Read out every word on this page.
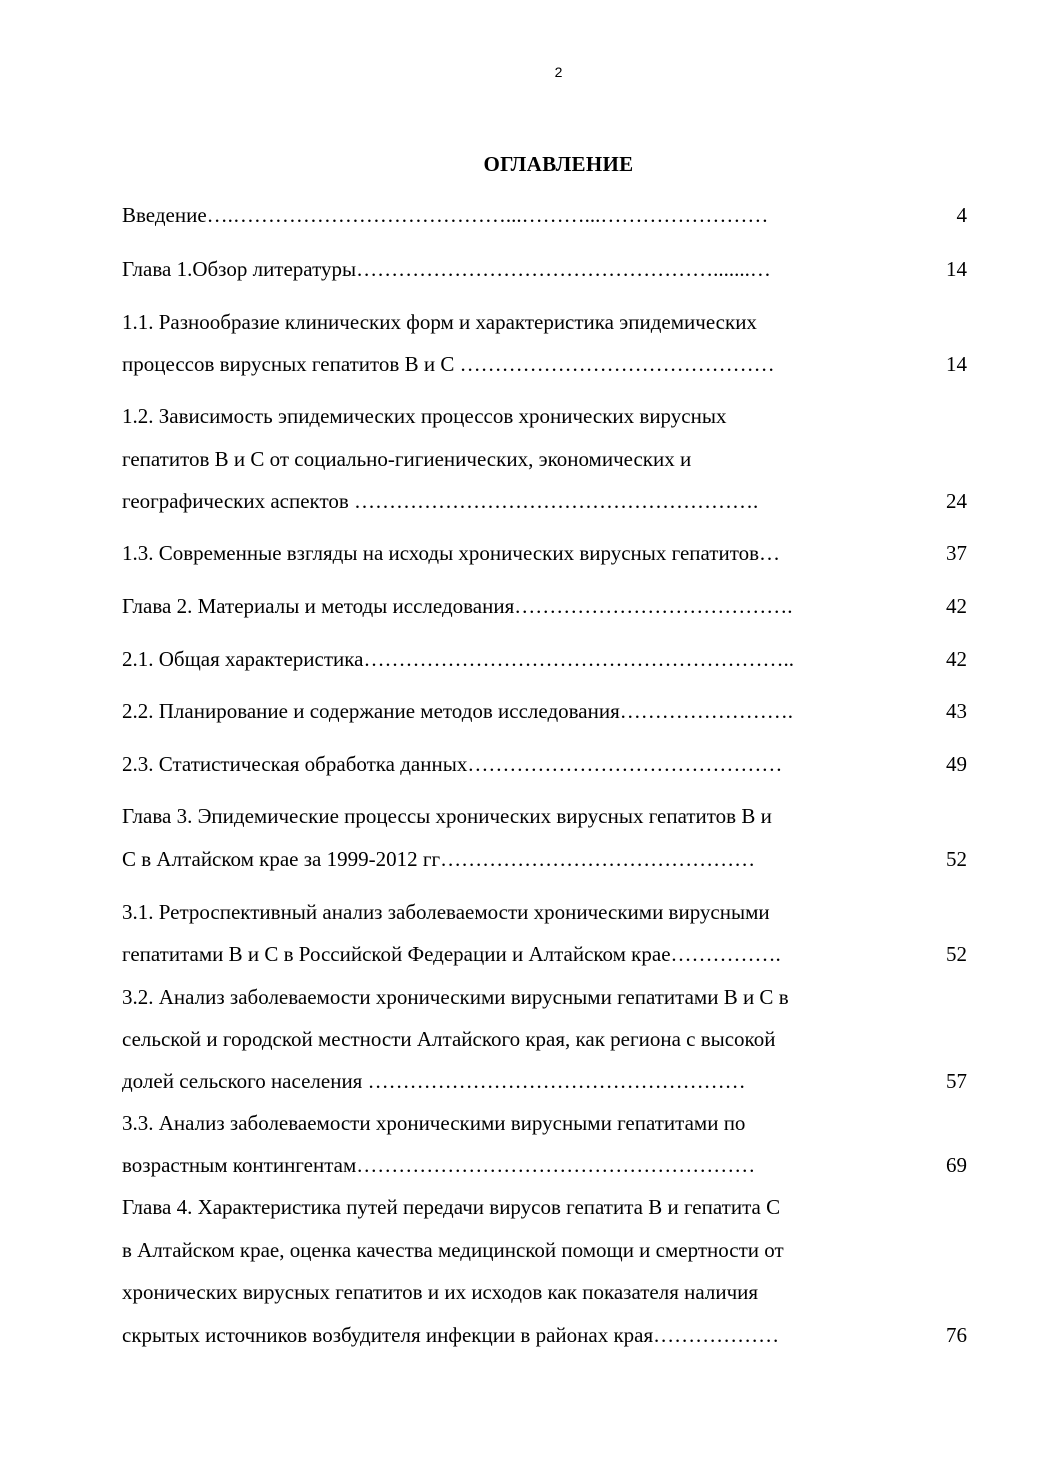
2
ОГЛАВЛЕНИЕ
Введение….…………………………………...………...……………………	4
Глава 1.Обзор литературы…………………………………………….......…	14
1.1. Разнообразие клинических форм и характеристика эпидемических
процессов вирусных гепатитов В и С ………………………………………	14
1.2. Зависимость эпидемических процессов хронических вирусных
гепатитов В и С от социально-гигиенических, экономических и
географических аспектов ………………………………………………….	24
1.3. Современные взгляды на исходы хронических вирусных гепатитов…	37
Глава 2. Материалы и методы исследования………………………………….	42
2.1. Общая характеристика……………………………………………………..	42
2.2. Планирование и содержание методов исследования…………………….	43
2.3. Статистическая обработка данных………………………………………	49
Глава 3. Эпидемические процессы хронических вирусных гепатитов В и
С в Алтайском крае за 1999-2012 гг………………………………………	52
3.1. Ретроспективный анализ заболеваемости хроническими вирусными
гепатитами В и С в Российской Федерации и Алтайском крае…………….	52
3.2. Анализ заболеваемости хроническими вирусными гепатитами В и С в
сельской и городской местности Алтайского края, как региона с высокой
долей сельского населения ………………………………………………	57
3.3. Анализ заболеваемости хроническими вирусными гепатитами по
возрастным контингентам…………………………………………………	69
Глава 4. Характеристика путей передачи вирусов гепатита В и гепатита С
в Алтайском крае, оценка качества медицинской помощи и смертности от
хронических вирусных гепатитов и их исходов как показателя наличия
скрытых источников возбудителя инфекции в районах края………………	76
